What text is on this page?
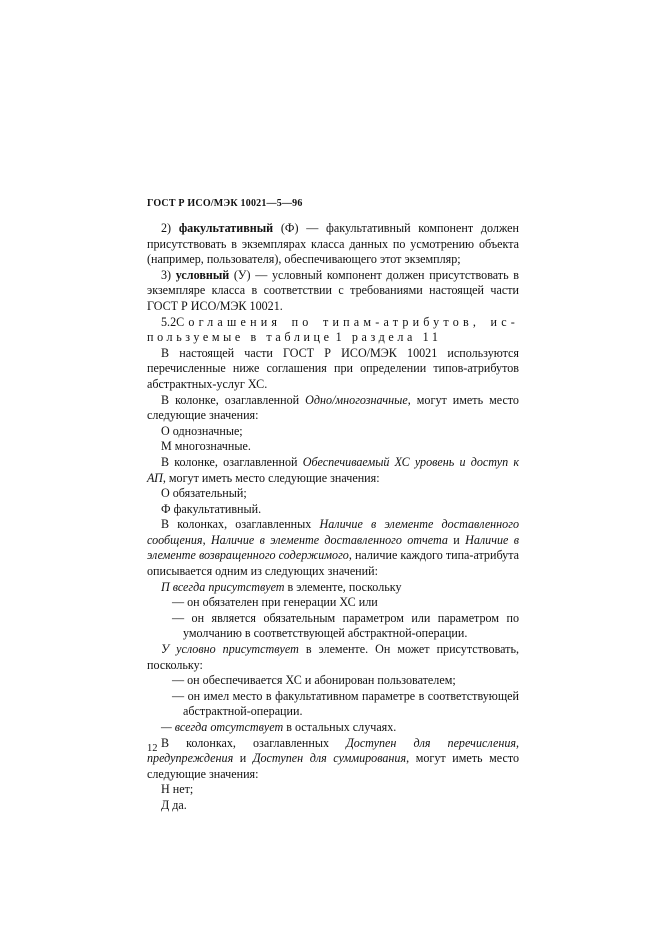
ГОСТ Р ИСО/МЭК 10021—5—96

2) факультативный (Ф) — факультативный компонент должен присутствовать в экземплярах класса данных по усмотрению объекта (например, пользователя), обеспечивающего этот экземпляр;

3) условный (У) — условный компонент должен присутствовать в экземпляре класса в соответствии с требованиями настоящей части ГОСТ Р ИСО/МЭК 10021.

5.2Соглашения по типам-атрибутов, ис-

пользуемые в таблице 1 раздела 11

В настоящей части ГОСТ Р ИСО/МЭК 10021 используются перечисленные ниже соглашения при определении типов-атрибутов абстрактных-услуг ХС.

В колонке, озаглавленной Одно/многозначные, могут иметь место следующие значения:

О однозначные;

М многозначные.

В колонке, озаглавленной Обеспечиваемый ХС уровень и доступ к АП, могут иметь место следующие значения:

О обязательный;

Ф факультативный.

В колонках, озаглавленных Наличие в элементе доставленного сообщения, Наличие в элементе доставленного отчета и Наличие в элементе возвращенного содержимого, наличие каждого типа-атрибута описывается одним из следующих значений:

П всегда присутствует в элементе, поскольку

— он обязателен при генерации ХС или

— он является обязательным параметром или параметром по умолчанию в соответствующей абстрактной-операции.

У условно присутствует в элементе. Он может присутствовать, поскольку:

— он обеспечивается ХС и абонирован пользователем;

— он имел место в факультативном параметре в соответствующей абстрактной-операции.

— всегда отсутствует в остальных случаях.

В колонках, озаглавленных Доступен для перечисления, предупреждения и Доступен для суммирования, могут иметь место следующие значения:

Н нет;

Д да.

12
